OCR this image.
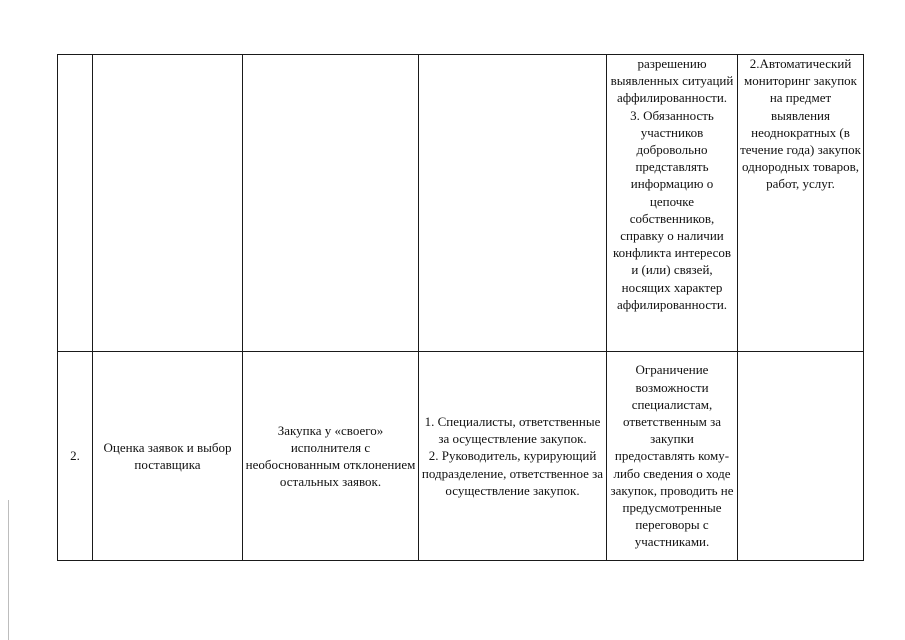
				разрешению выявленных ситуаций аффилированности.
3. Обязанность участников добровольно представлять информацию о цепочке собственников, справку о наличии конфликта интересов и (или) связей, носящих характер аффилированности.	2.Автоматический мониторинг закупок на предмет выявления неоднократных (в течение года) закупок однородных товаров, работ, услуг.

2.	Оценка заявок и выбор поставщика	Закупка у «своего» исполнителя с необоснованным отклонением остальных заявок.	1. Специалисты, ответственные за осуществление закупок.
2. Руководитель, курирующий подразделение, ответственное за осуществление закупок.	Ограничение возможности специалистам, ответственным за закупки предоставлять кому-либо сведения о ходе закупок, проводить не предусмотренные переговоры с участниками.	
